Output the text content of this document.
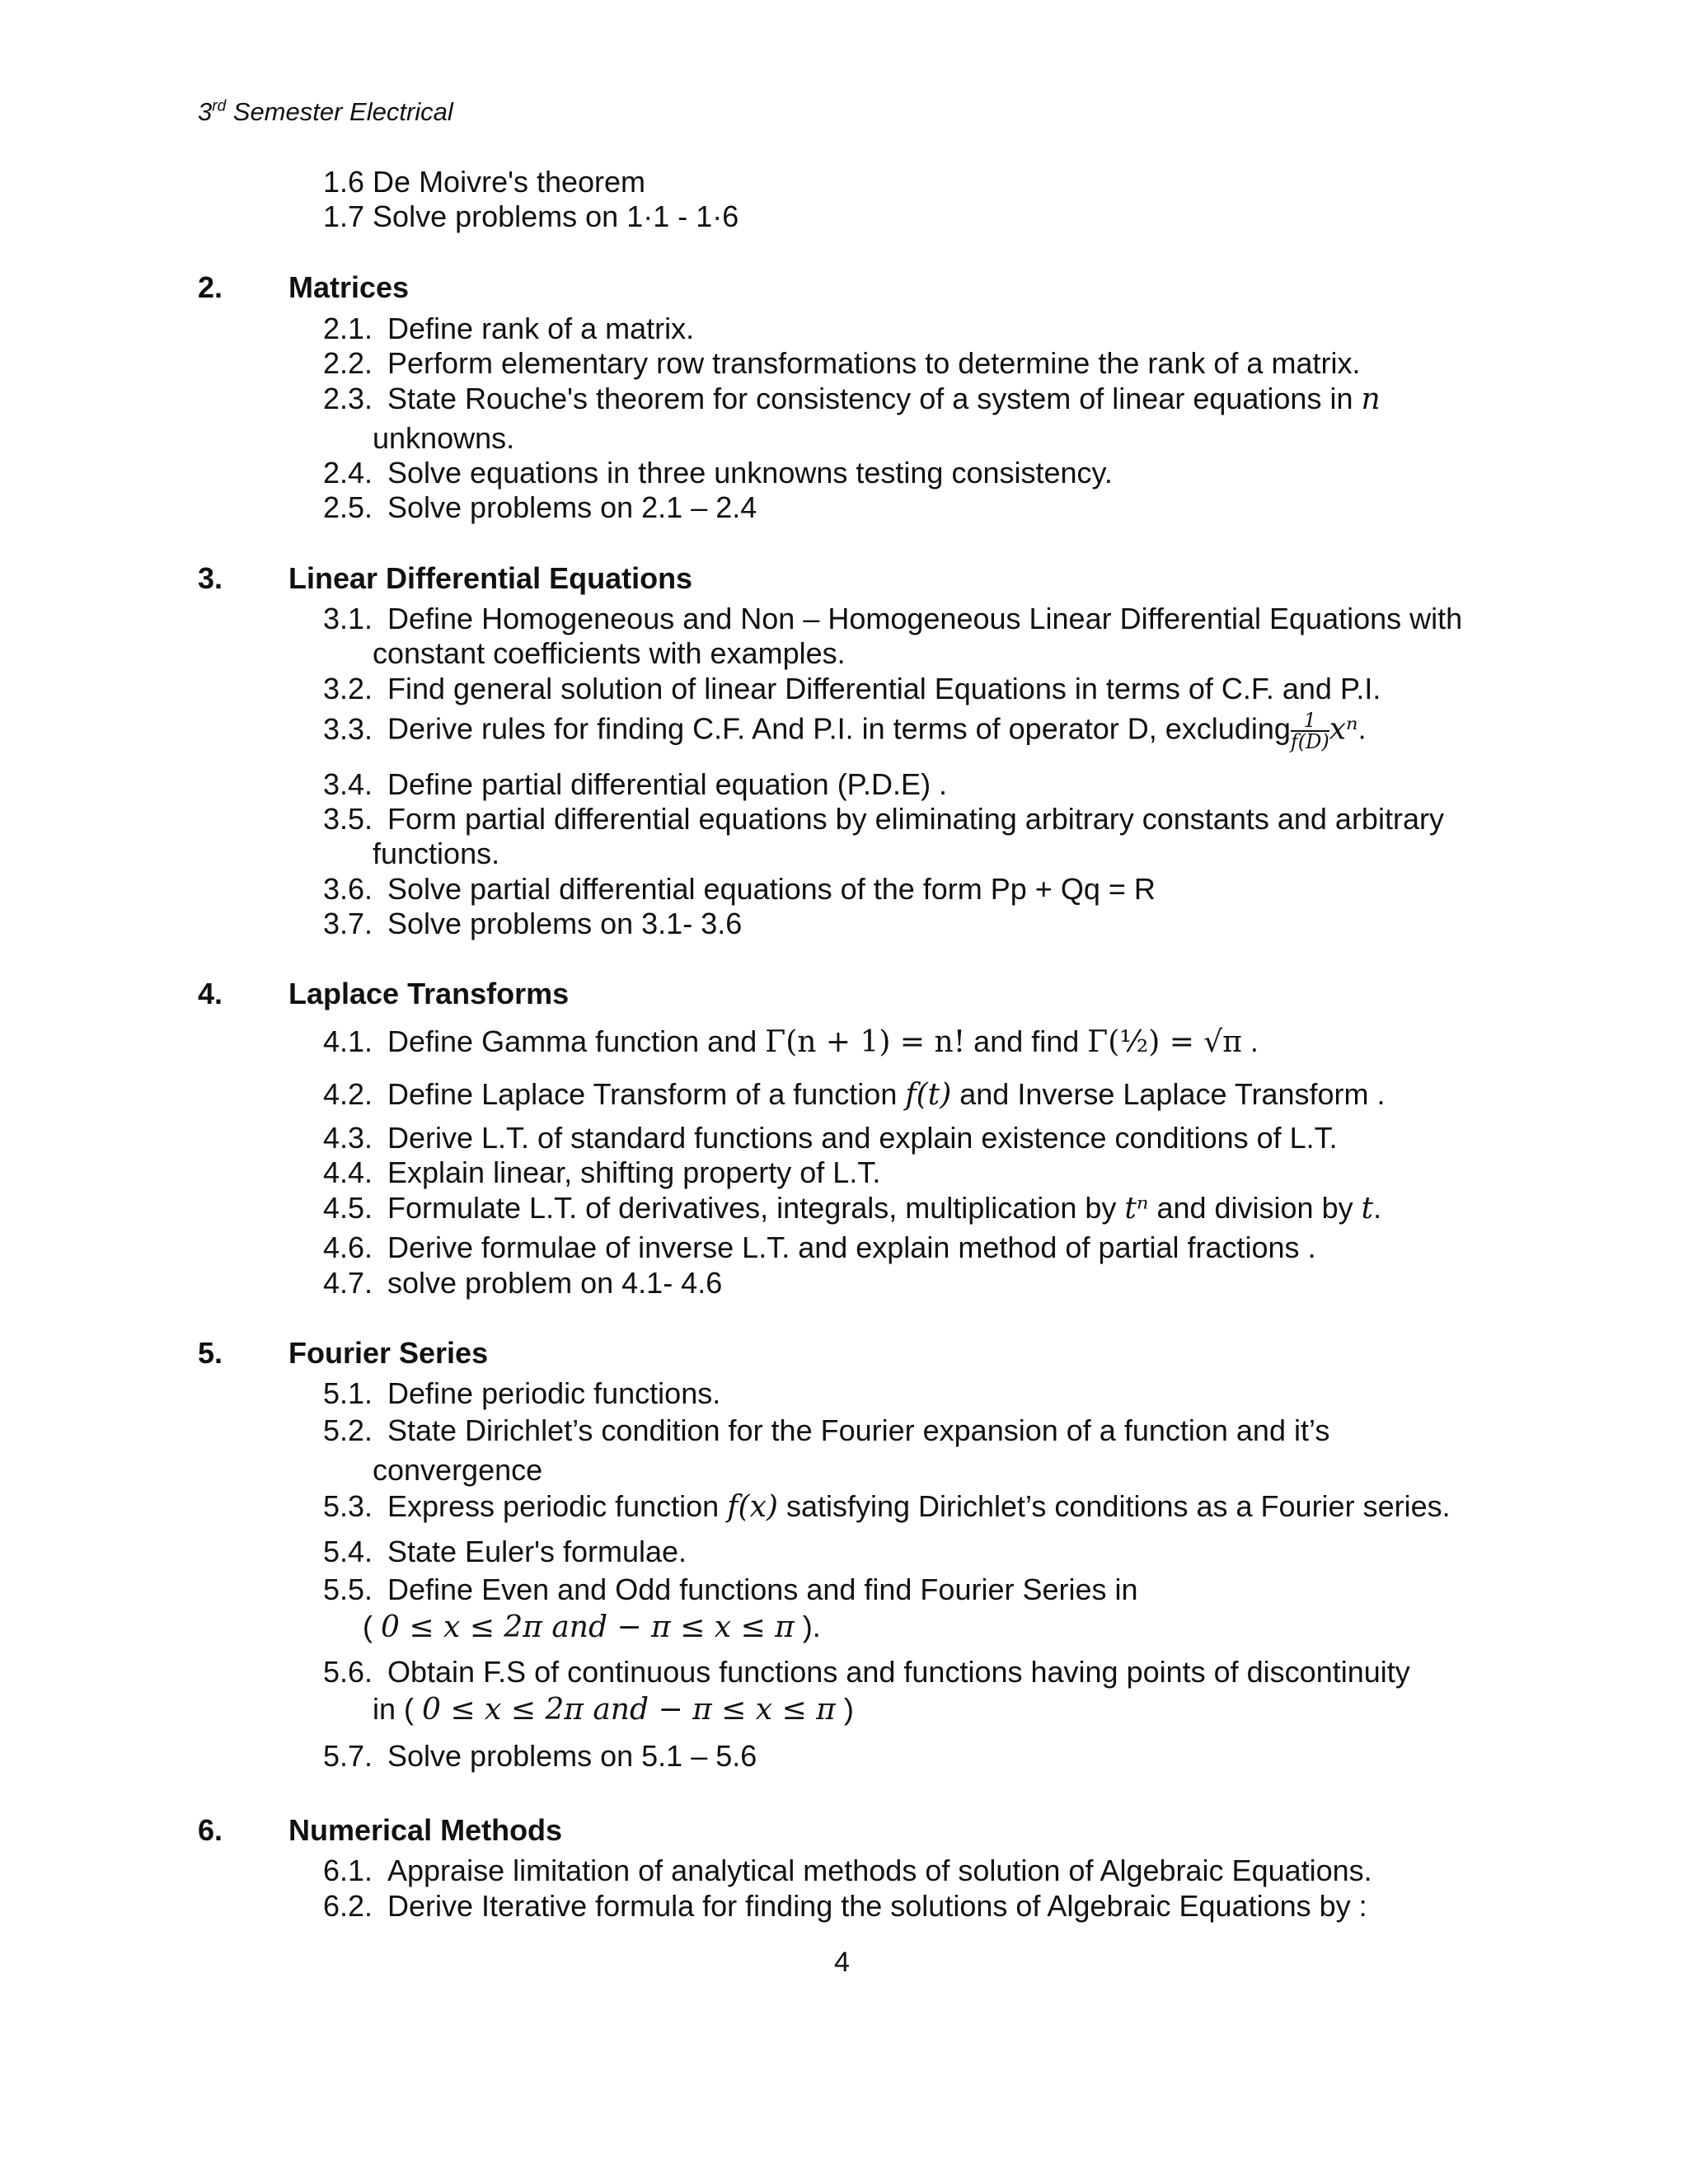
3rd Semester Electrical
1.6 De Moivre's theorem
1.7 Solve problems on 1·1 - 1·6
2. Matrices
2.1. Define rank of a matrix.
2.2. Perform elementary row transformations to determine the rank of a matrix.
2.3. State Rouche's theorem for consistency of a system of linear equations in n
unknowns.
2.4. Solve equations in three unknowns testing consistency.
2.5. Solve problems on 2.1 – 2.4
3. Linear Differential Equations
3.1. Define Homogeneous and Non – Homogeneous Linear Differential Equations with
constant coefficients with examples.
3.2. Find general solution of linear Differential Equations in terms of C.F. and P.I.
3.3. Derive rules for finding C.F. And P.I. in terms of operator D, excluding $\frac{1}{f(D)} x^n$.
3.4. Define partial differential equation (P.D.E) .
3.5. Form partial differential equations by eliminating arbitrary constants and arbitrary
functions.
3.6. Solve partial differential equations of the form Pp + Qq = R
3.7. Solve problems on 3.1- 3.6
4. Laplace Transforms
4.1. Define Gamma function and Γ(n + 1) = n! and find Γ(½) = √π .
4.2. Define Laplace Transform of a function f(t) and Inverse Laplace Transform .
4.3. Derive L.T. of standard functions and explain existence conditions of L.T.
4.4. Explain linear, shifting property of L.T.
4.5. Formulate L.T. of derivatives, integrals, multiplication by tⁿ and division by t.
4.6. Derive formulae of inverse L.T. and explain method of partial fractions .
4.7. solve problem on 4.1- 4.6
5. Fourier Series
5.1. Define periodic functions.
5.2. State Dirichlet’s condition for the Fourier expansion of a function and it’s
convergence
5.3. Express periodic function f(x) satisfying Dirichlet’s conditions as a Fourier series.
5.4. State Euler's formulae.
5.5. Define Even and Odd functions and find Fourier Series in
( 0 ≤ x ≤ 2π and − π ≤ x ≤ π ).
5.6. Obtain F.S of continuous functions and functions having points of discontinuity
in ( 0 ≤ x ≤ 2π and − π ≤ x ≤ π )
5.7. Solve problems on 5.1 – 5.6
6. Numerical Methods
6.1. Appraise limitation of analytical methods of solution of Algebraic Equations.
6.2. Derive Iterative formula for finding the solutions of Algebraic Equations by :
4
